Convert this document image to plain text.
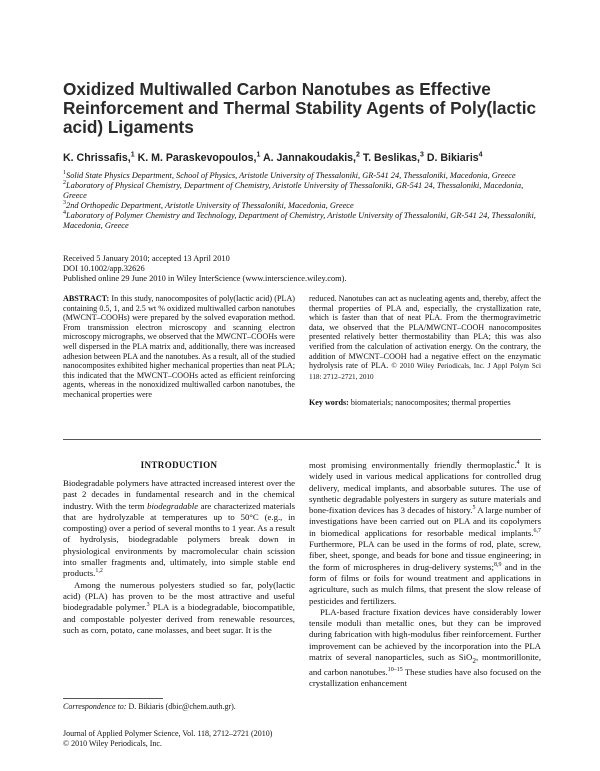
Oxidized Multiwalled Carbon Nanotubes as Effective Reinforcement and Thermal Stability Agents of Poly(lactic acid) Ligaments
K. Chrissafis,$^1$ K. M. Paraskevopoulos,$^1$ A. Jannakoudakis,$^2$ T. Beslikas,$^3$ D. Bikiaris$^4$

$^1$Solid State Physics Department, School of Physics, Aristotle University of Thessaloniki, GR-541 24, Thessaloniki, Macedonia, Greece

$^2$Laboratory of Physical Chemistry, Department of Chemistry, Aristotle University of Thessaloniki, GR-541 24, Thessaloniki, Macedonia, Greece

$^3$2nd Orthopedic Department, Aristotle University of Thessaloniki, Macedonia, Greece

$^4$Laboratory of Polymer Chemistry and Technology, Department of Chemistry, Aristotle University of Thessaloniki, GR-541 24, Thessaloniki, Macedonia, Greece

Received 5 January 2010; accepted 13 April 2010
DOI 10.1002/app.32626
Published online 29 June 2010 in Wiley InterScience (www.interscience.wiley.com).

ABSTRACT: In this study, nanocomposites of poly(lactic acid) (PLA) containing 0.5, 1, and 2.5 wt % oxidized multiwalled carbon nanotubes (MWCNT–COOHs) were prepared by the solved evaporation method. From transmission electron microscopy and scanning electron microscopy micrographs, we observed that the MWCNT–COOHs were well dispersed in the PLA matrix and, additionally, there was increased adhesion between PLA and the nanotubes. As a result, all of the studied nanocomposites exhibited higher mechanical properties than neat PLA; this indicated that the MWCNT–COOHs acted as efficient reinforcing agents, whereas in the nonoxidized multiwalled carbon nanotubes, the mechanical properties were

reduced. Nanotubes can act as nucleating agents and, thereby, affect the thermal properties of PLA and, especially, the crystallization rate, which is faster than that of neat PLA. From the thermogravimetric data, we observed that the PLA/MWCNT–COOH nanocomposites presented relatively better thermostability than PLA; this was also verified from the calculation of activation energy. On the contrary, the addition of MWCNT–COOH had a negative effect on the enzymatic hydrolysis rate of PLA. © 2010 Wiley Periodicals, Inc. J Appl Polym Sci 118: 2712–2721, 2010

Key words: biomaterials; nanocomposites; thermal properties
INTRODUCTION

Biodegradable polymers have attracted increased interest over the past 2 decades in fundamental research and in the chemical industry. With the term biodegradable are characterized materials that are hydrolyzable at temperatures up to 50°C (e.g., in composting) over a period of several months to 1 year. As a result of hydrolysis, biodegradable polymers break down in physiological environments by macromolecular chain scission into smaller fragments and, ultimately, into simple stable end products.$^{1,2}$

Among the numerous polyesters studied so far, poly(lactic acid) (PLA) has proven to be the most attractive and useful biodegradable polymer.$^3$ PLA is a biodegradable, biocompatible, and compostable polyester derived from renewable resources, such as corn, potato, cane molasses, and beet sugar. It is the

most promising environmentally friendly thermoplastic.$^4$ It is widely used in various medical applications for controlled drug delivery, medical implants, and absorbable sutures. The use of synthetic degradable polyesters in surgery as suture materials and bone-fixation devices has 3 decades of history.$^5$ A large number of investigations have been carried out on PLA and its copolymers in biomedical applications for resorbable medical implants.$^{6,7}$ Furthermore, PLA can be used in the forms of rod, plate, screw, fiber, sheet, sponge, and beads for bone and tissue engineering; in the form of microspheres in drug-delivery systems;$^{8,9}$ and in the form of films or foils for wound treatment and applications in agriculture, such as mulch films, that present the slow release of pesticides and fertilizers.

PLA-based fracture fixation devices have considerably lower tensile moduli than metallic ones, but they can be improved during fabrication with high-modulus fiber reinforcement. Further improvement can be achieved by the incorporation into the PLA matrix of several nanoparticles, such as SiO$_2$, montmorillonite, and carbon nanotubes.$^{10-15}$ These studies have also focused on the crystallization enhancement

Correspondence to: D. Bikiaris (dbic@chem.auth.gr).
Journal of Applied Polymer Science, Vol. 118, 2712–2721 (2010)
© 2010 Wiley Periodicals, Inc.
